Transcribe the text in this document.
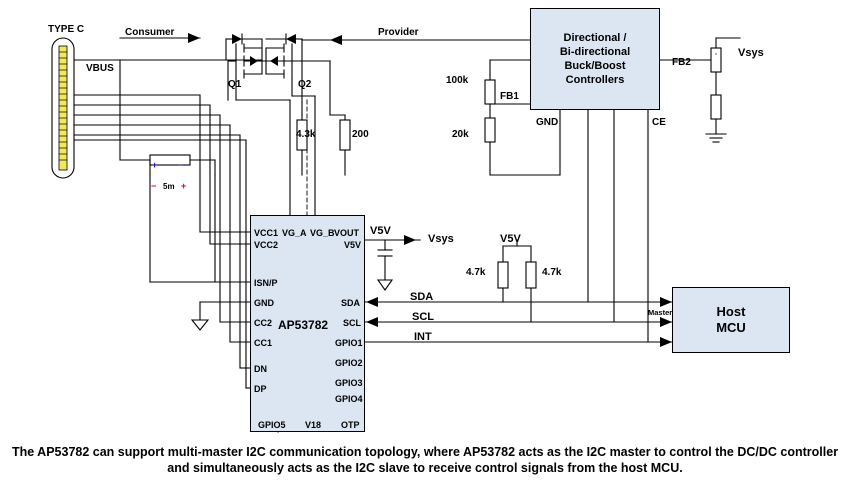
Directional /
Bi-directional
Buck/Boost
Controllers
Host
MCU
AP53782
VCC1
VCC2
ISN/P
GND
CC2
CC1
DN
DP
VOUT
V5V
SDA
SCL
GPIO1
GPIO2
GPIO3
GPIO4
OTP
VG_A VG_B
GPIO5 V18
TYPE C
VBUS
Consumer	Provider
Q1	Q2
4.3k	200
100k
20k
4.7k	4.7k
FB1
FB2
GND	CE
Vsys
Vsys
V5V
V5V
SDA
SCL
INT
Master
5m
+ −
−	+
The AP53782 can support multi-master I2C communication topology, where AP53782 acts as the I2C master to control the DC/DC controller and simultaneously acts as the I2C slave to receive control signals from the host MCU.
